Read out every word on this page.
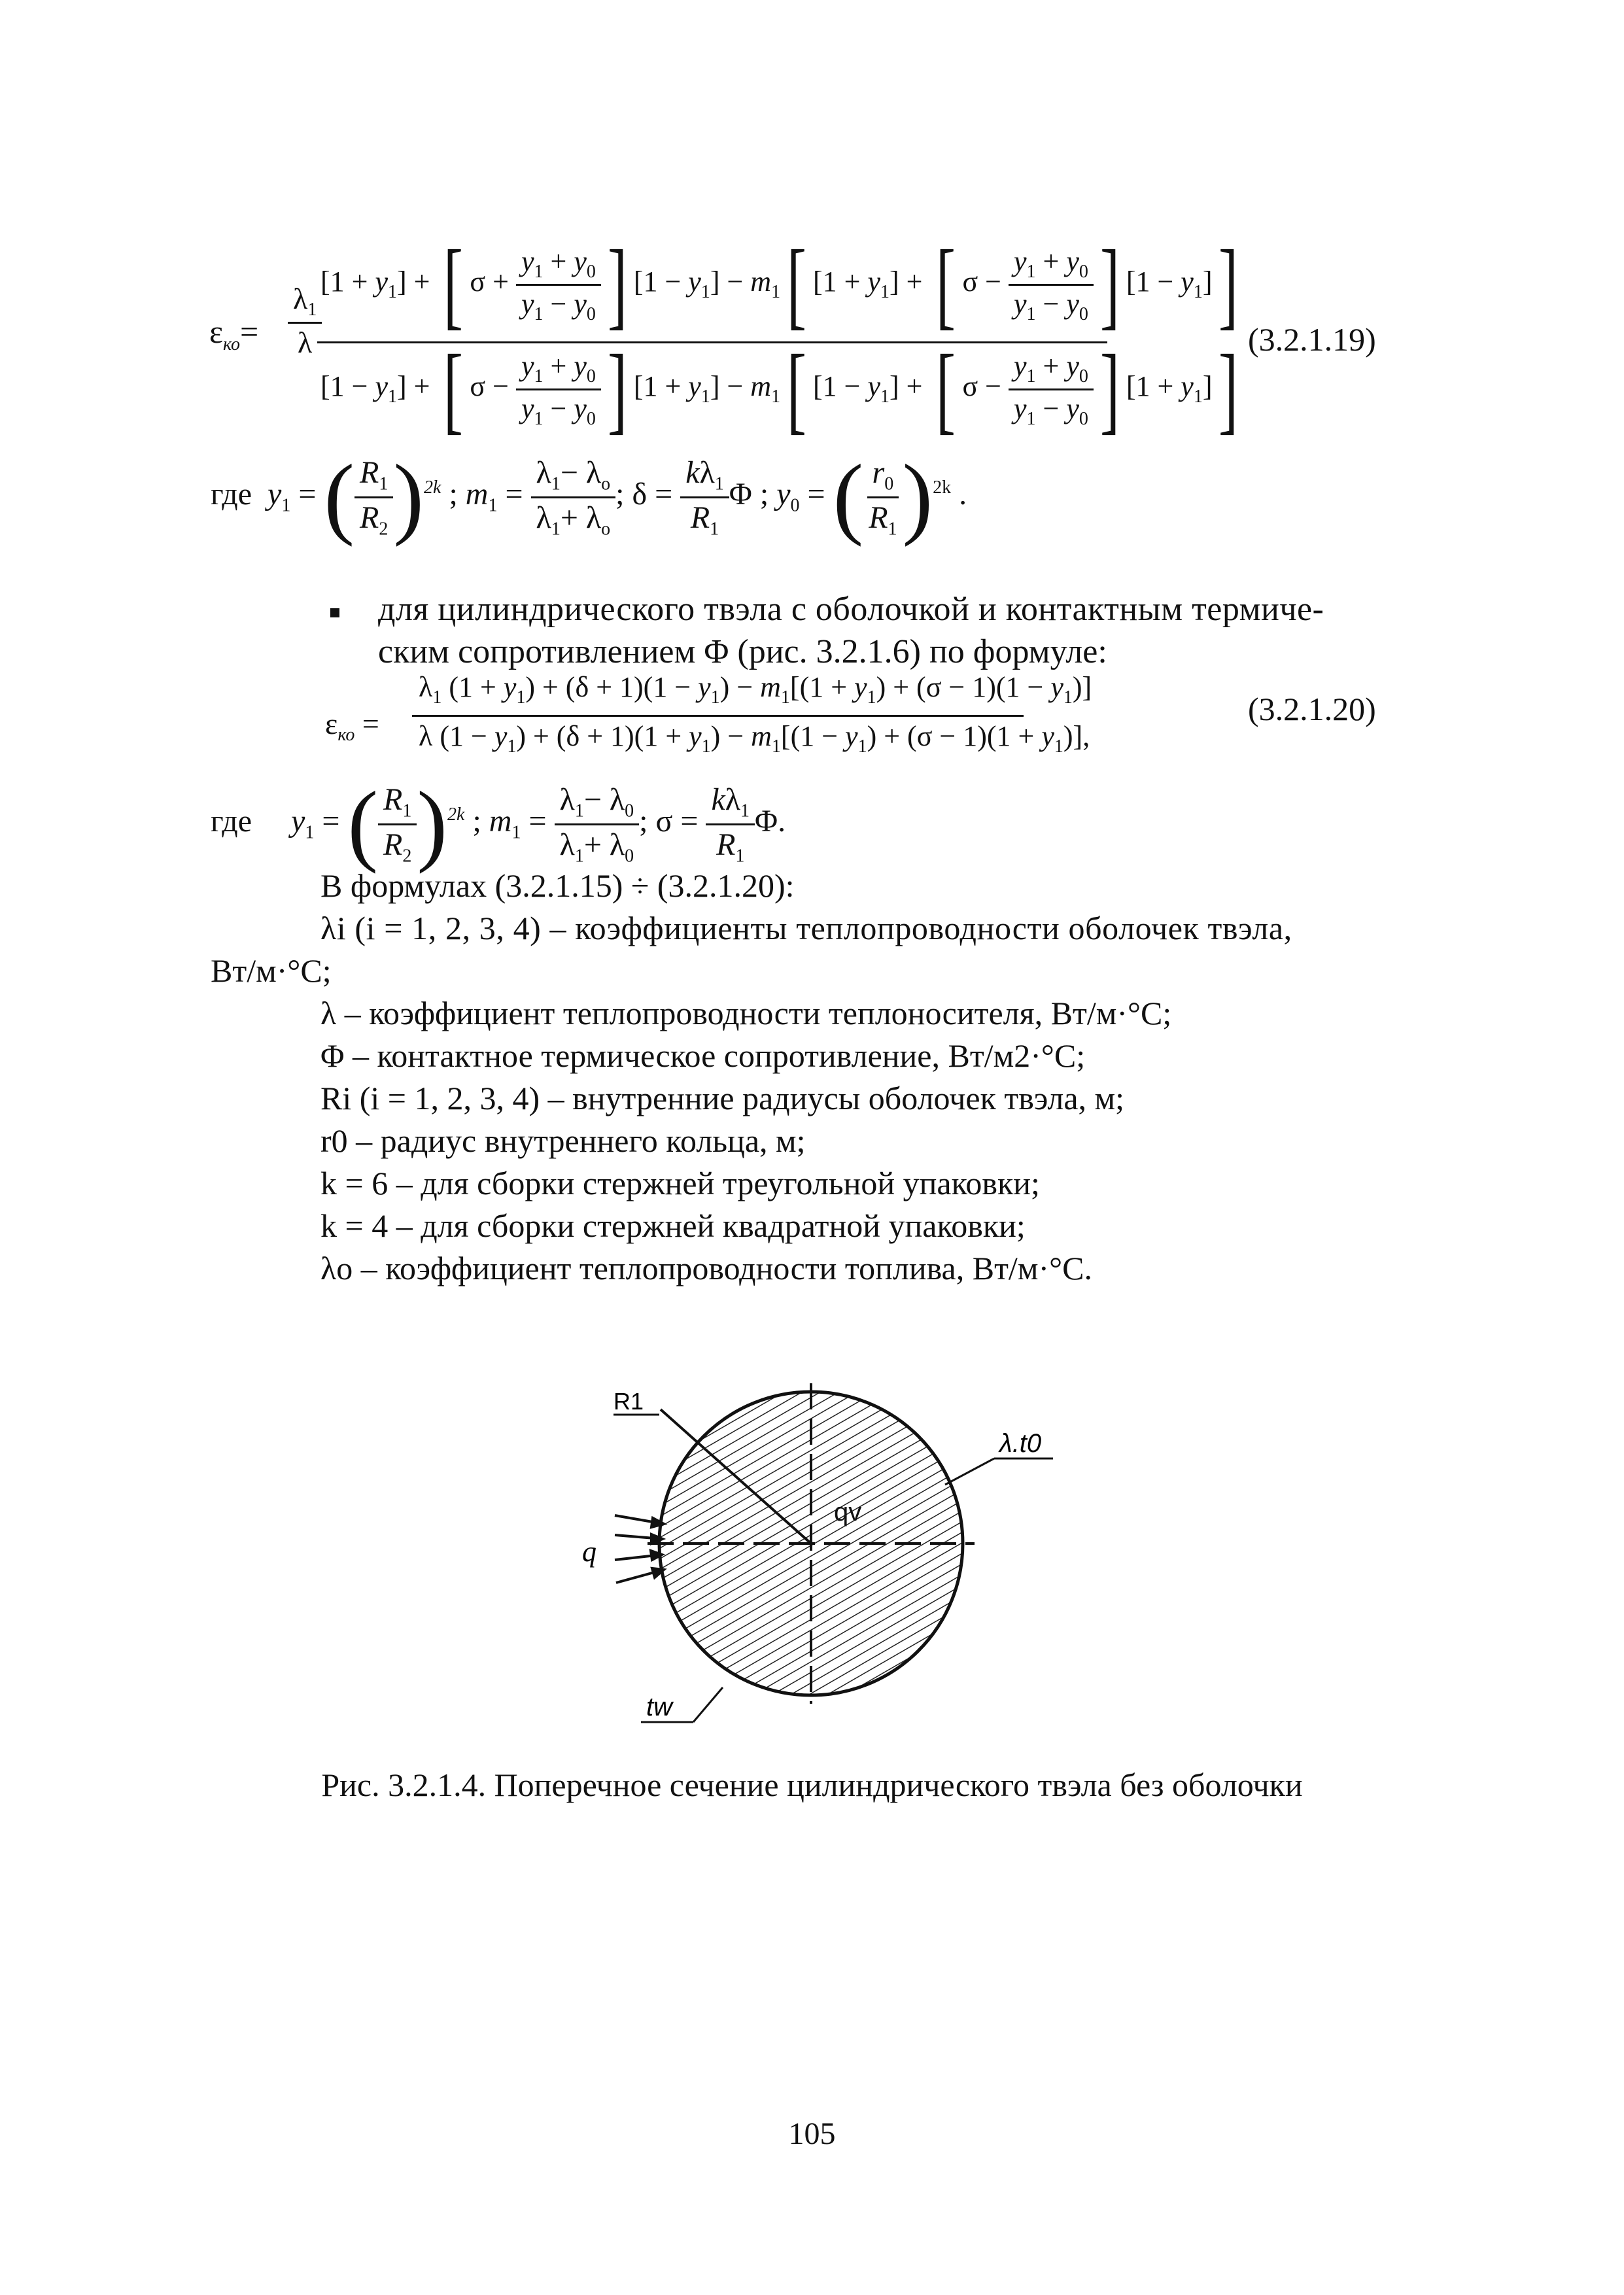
$\varepsilon_{ко}= \frac{\lambda_1}{\lambda}$
$[1 + y_1]$ + [ $\sigma + \frac{y_1 + y_0}{y_1 - y_0}$ ] $[1 - y_1] - m_1$[ $[1 + y_1]$ + [ $\sigma - \frac{y_1 + y_0}{y_1 - y_0}$ ] $[1 - y_1]$]
$[1 - y_1]$ + [ $\sigma - \frac{y_1 + y_0}{y_1 - y_0}$ ] $[1 + y_1] - m_1$[ $[1 - y_1]$ + [ $\sigma - \frac{y_1 + y_0}{y_1 - y_0}$ ] $[1 + y_1]$] (3.2.1.19)
где $y_1$ = ( $\frac{R_1}{R_2} )^{2k}$ ; $m_1 = \frac{\lambda_1- \lambda_o}{\lambda_1+ \lambda_o}$ ; $\delta = \frac{k\lambda_1}{R_1}$ Φ ; $y_0$ = ( $\frac{r_0}{R_1} )^{2k}$ .
для цилиндрического твэла с оболочкой и контактным термиче-
ским сопротивлением Φ (рис. 3.2.1.6) по формуле:
$\varepsilon_{ко}$ =
$\lambda_1$ $(1 + y_1) + (\delta + 1)(1 - y_1) - m_1[(1 + y_1) + (\sigma - 1)(1 - y_1)]$
λ $(1 - y_1) + (\delta + 1)(1 + y_1) - m_1[(1 - y_1) + (\sigma - 1)(1 + y_1)]$,
(3.2.1.20)
где $y_1$ = ( $\frac{R_1}{R_2} )^{2k}$ ; $m_1 = \frac{\lambda_1- \lambda_0}{\lambda_1+ \lambda_0}$ ; $\sigma = \frac{k\lambda_1}{R_1} \Phi$.

В формулах (3.2.1.15) ÷ (3.2.1.20):

λi (i = 1, 2, 3, 4) – коэффициенты теплопроводности оболочек твэла,

Вт/м·°С;

λ – коэффициент теплопроводности теплоносителя, Вт/м·°С;

Φ – контактное термическое сопротивление, Вт/м2·°С;

Ri (i = 1, 2, 3, 4) – внутренние радиусы оболочек твэла, м;

r0 – радиус внутреннего кольца, м;

k = 6 – для сборки стержней треугольной упаковки;

k = 4 – для сборки стержней квадратной упаковки;

λo – коэффициент теплопроводности топлива, Вт/м·°С.

R1
λ.t0
qv
q
tw
Рис. 3.2.1.4. Поперечное сечение цилиндрического твэла без оболочки
105
